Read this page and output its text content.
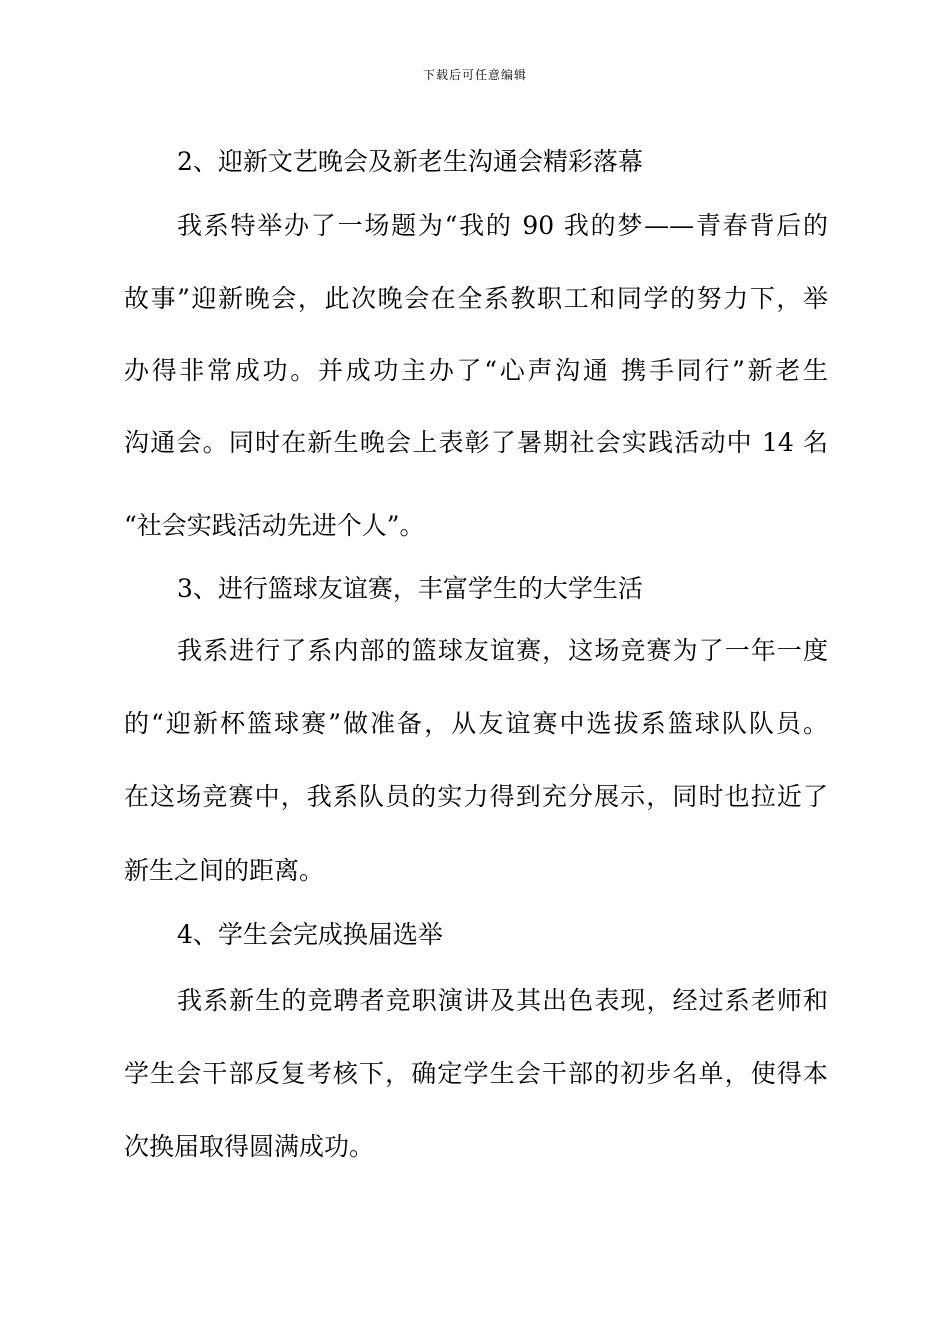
下载后可任意编辑
2、迎新文艺晚会及新老生沟通会精彩落幕
我系特举办了一场题为“我的 90 我的梦——青春背后的
故事”迎新晚会，此次晚会在全系教职工和同学的努力下，举
办得非常成功。并成功主办了“心声沟通 携手同行”新老生
沟通会。同时在新生晚会上表彰了暑期社会实践活动中 14 名
“社会实践活动先进个人”。
3、进行篮球友谊赛，丰富学生的大学生活
我系进行了系内部的篮球友谊赛，这场竞赛为了一年一度
的“迎新杯篮球赛”做准备，从友谊赛中选拔系篮球队队员。
在这场竞赛中，我系队员的实力得到充分展示，同时也拉近了
新生之间的距离。
4、学生会完成换届选举
我系新生的竞聘者竞职演讲及其出色表现，经过系老师和
学生会干部反复考核下，确定学生会干部的初步名单，使得本
次换届取得圆满成功。
